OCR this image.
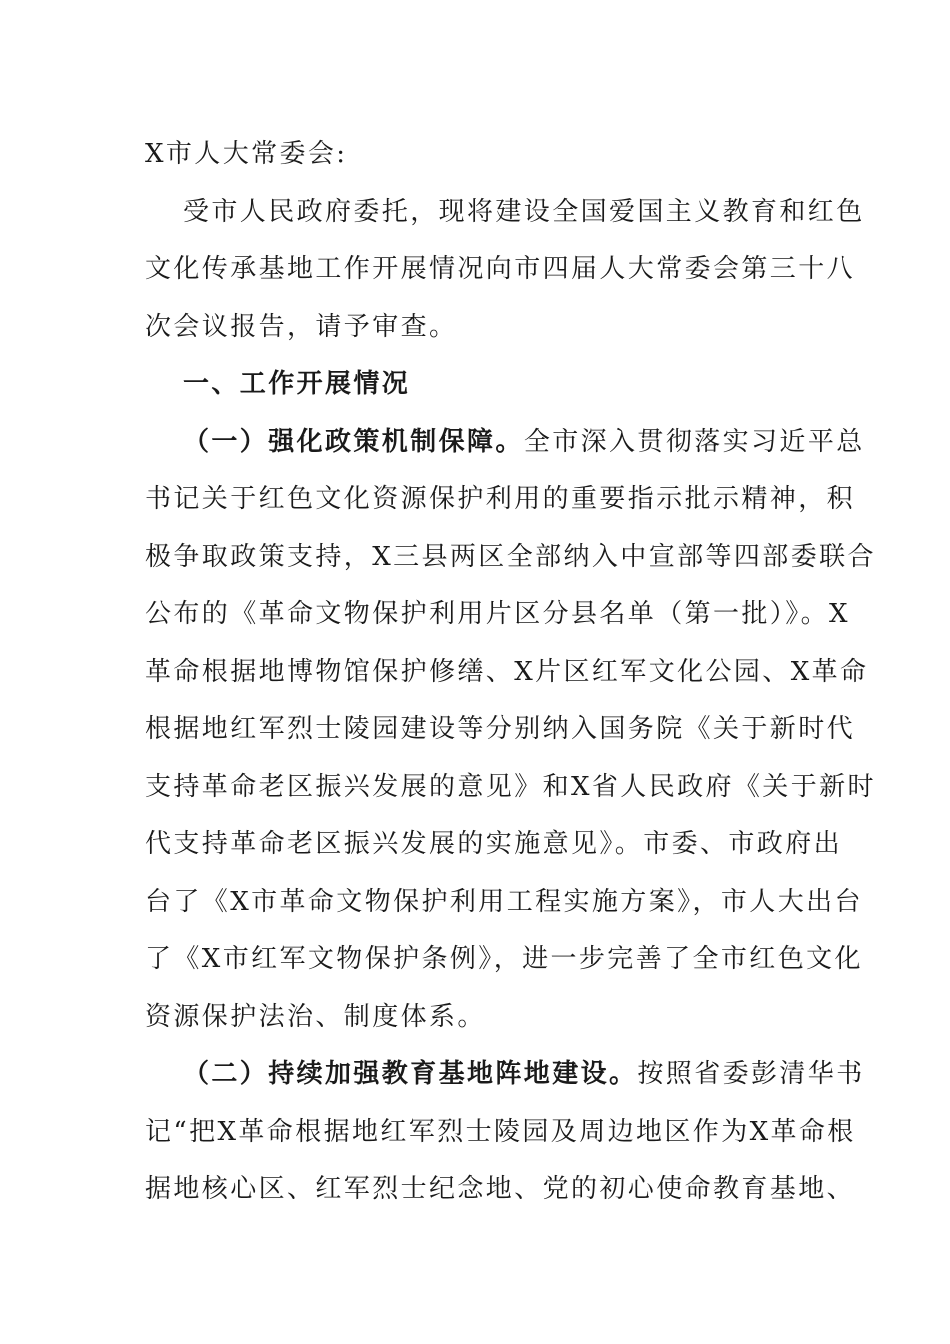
X市人大常委会:
受市人民政府委托，现将建设全国爱国主义教育和红色
文化传承基地工作开展情况向市四届人大常委会第三十八
次会议报告，请予审查。
一、工作开展情况
（一）强化政策机制保障。全市深入贯彻落实习近平总
书记关于红色文化资源保护利用的重要指示批示精神，积
极争取政策支持，X三县两区全部纳入中宣部等四部委联合
公布的《革命文物保护利用片区分县名单（第一批）》。X
革命根据地博物馆保护修缮、X片区红军文化公园、X革命
根据地红军烈士陵园建设等分别纳入国务院《关于新时代
支持革命老区振兴发展的意见》和X省人民政府《关于新时
代支持革命老区振兴发展的实施意见》。市委、市政府出
台了《X市革命文物保护利用工程实施方案》，市人大出台
了《X市红军文物保护条例》，进一步完善了全市红色文化
资源保护法治、制度体系。
（二）持续加强教育基地阵地建设。按照省委彭清华书
记“把X革命根据地红军烈士陵园及周边地区作为X革命根
据地核心区、红军烈士纪念地、党的初心使命教育基地、
